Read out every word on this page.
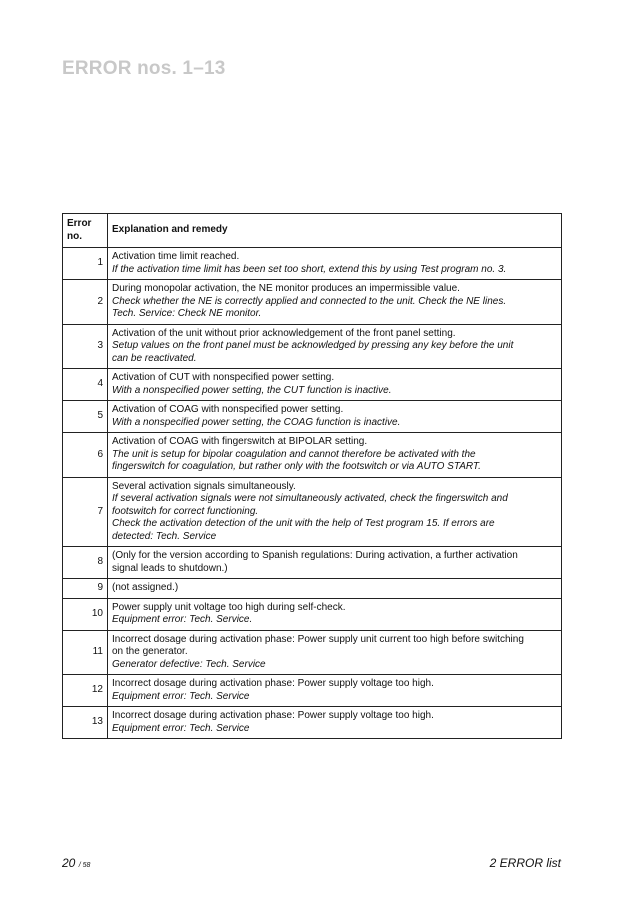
ERROR nos. 1–13
Error
no.	Explanation and remedy
1	Activation time limit reached.
If the activation time limit has been set too short, extend this by using Test program no. 3.

2	During monopolar activation, the NE monitor produces an impermissible value.
Check whether the NE is correctly applied and connected to the unit. Check the NE lines.
Tech. Service: Check NE monitor.

3	Activation of the unit without prior acknowledgement of the front panel setting.
Setup values on the front panel must be acknowledged by pressing any key before the unit
can be reactivated.

4	Activation of CUT with nonspecified power setting.
With a nonspecified power setting, the CUT function is inactive.

5	Activation of COAG with nonspecified power setting.
With a nonspecified power setting, the COAG function is inactive.

6	Activation of COAG with fingerswitch at BIPOLAR setting.
The unit is setup for bipolar coagulation and cannot therefore be activated with the
fingerswitch for coagulation, but rather only with the footswitch or via AUTO START.

7	Several activation signals simultaneously.
If several activation signals were not simultaneously activated, check the fingerswitch and
footswitch for correct functioning.
Check the activation detection of the unit with the help of Test program 15. If errors are
detected: Tech. Service

8	(Only for the version according to Spanish regulations: During activation, a further activation
signal leads to shutdown.)

9	(not assigned.)

10	Power supply unit voltage too high during self-check.
Equipment error: Tech. Service.

11	Incorrect dosage during activation phase: Power supply unit current too high before switching
on the generator.
Generator defective: Tech. Service

12	Incorrect dosage during activation phase: Power supply voltage too high.
Equipment error: Tech. Service

13	Incorrect dosage during activation phase: Power supply voltage too high.
Equipment error: Tech. Service
20 / 58	2 ERROR list
